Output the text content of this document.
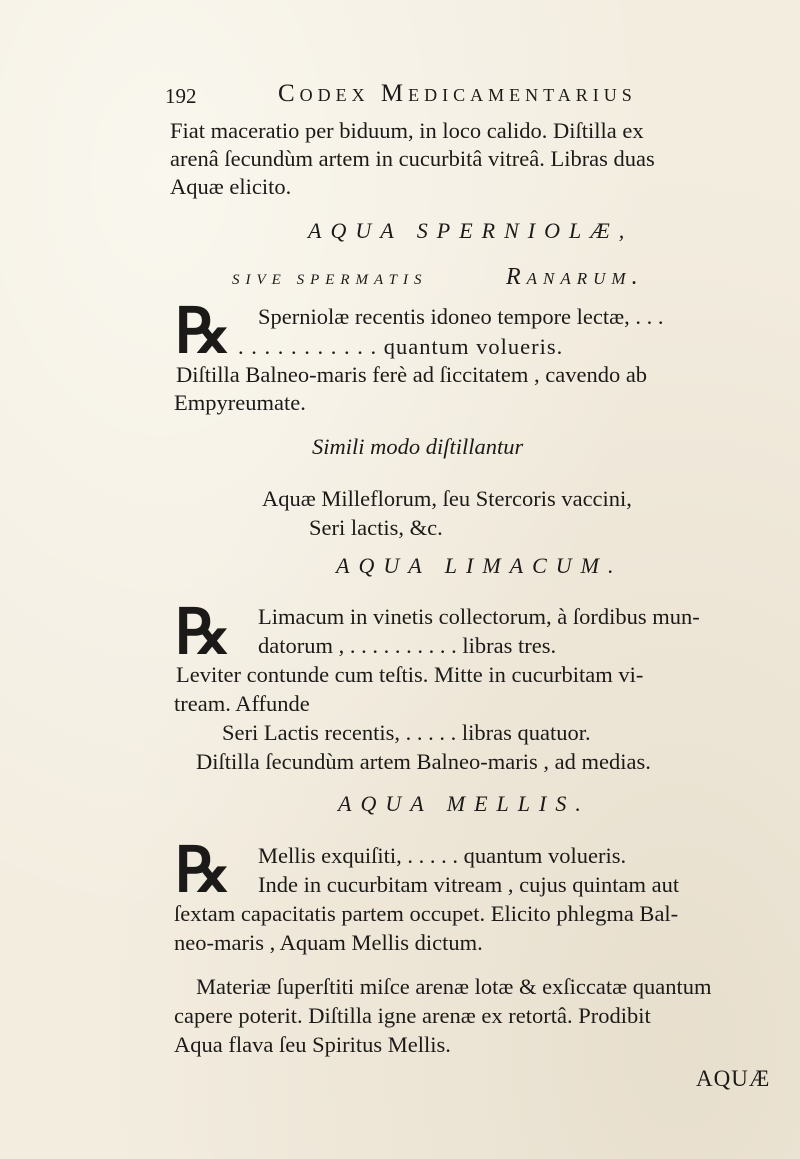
192	Codex Medicamentarius
Fiat maceratio per biduum, in loco calido. Diſtilla ex
arenâ ſecundùm artem in cucurbitâ vitreâ. Libras duas
Aquæ elicito.
AQUA SPERNIOLÆ,
SIVE SPERMATIS	Ranarum.
℞ Sperniolæ recentis idoneo tempore lectæ, . . .
. . . . . . . . . . . quantum volueris.
Diſtilla Balneo-maris ferè ad ſiccitatem , cavendo ab
Empyreumate.
Simili modo diſtillantur
Aquæ Milleflorum, ſeu Stercoris vaccini,
Seri lactis, &c.
AQUA LIMACUM.
℞ Limacum in vinetis collectorum, à ſordibus mun-
datorum , . . . . . . . . . . libras tres.
Leviter contunde cum teſtis. Mitte in cucurbitam vi-
tream. Affunde
Seri Lactis recentis, . . . . . libras quatuor.
Diſtilla ſecundùm artem Balneo-maris , ad medias.
AQUA MELLIS.
℞ Mellis exquiſiti, . . . . . quantum volueris.
Inde in cucurbitam vitream , cujus quintam aut
ſextam capacitatis partem occupet. Elicito phlegma Bal-
neo-maris , Aquam Mellis dictum.
Materiæ ſuperſtiti miſce arenæ lotæ & exſiccatæ quantum
capere poterit. Diſtilla igne arenæ ex retortâ. Prodibit
Aqua flava ſeu Spiritus Mellis.
AQUÆ
